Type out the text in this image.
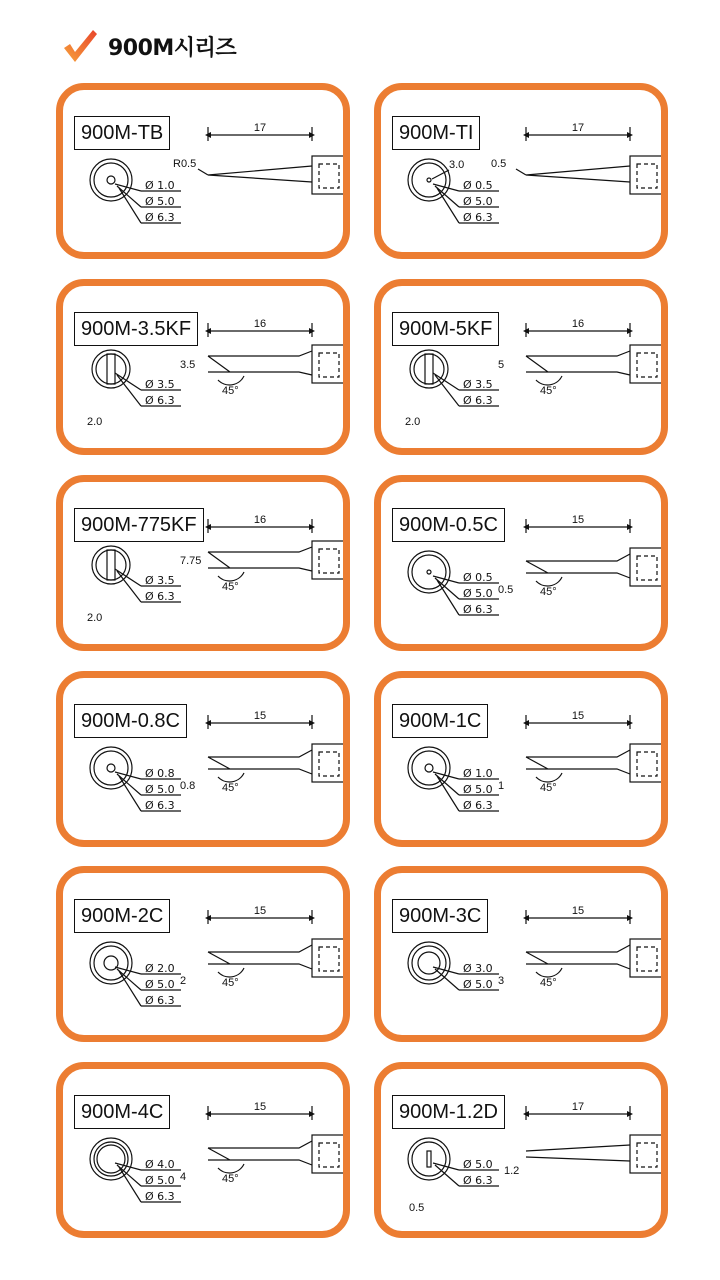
900M시리즈
Ø 1.0
Ø 5.0
Ø 6.3
17
R0.5
900M-TB
3.0
Ø 0.5
Ø 5.0
Ø 6.3
17
0.5
900M-TI
Ø 3.5
Ø 6.3
16
45°
3.5
2.0
900M-3.5KF
Ø 3.5
Ø 6.3
16
45°
5
2.0
900M-5KF
Ø 3.5
Ø 6.3
16
45°
7.75
2.0
900M-775KF
Ø 0.5
Ø 5.0
Ø 6.3
15
45°
0.5
900M-0.5C
Ø 0.8
Ø 5.0
Ø 6.3
15
45°
0.8
900M-0.8C
Ø 1.0
Ø 5.0
Ø 6.3
15
45°
1
900M-1C
Ø 2.0
Ø 5.0
Ø 6.3
15
45°
2
900M-2C
Ø 3.0
Ø 5.0
15
45°
3
900M-3C
Ø 4.0
Ø 5.0
Ø 6.3
15
45°
4
900M-4C
Ø 5.0
Ø 6.3
17
1.2
0.5
900M-1.2D
